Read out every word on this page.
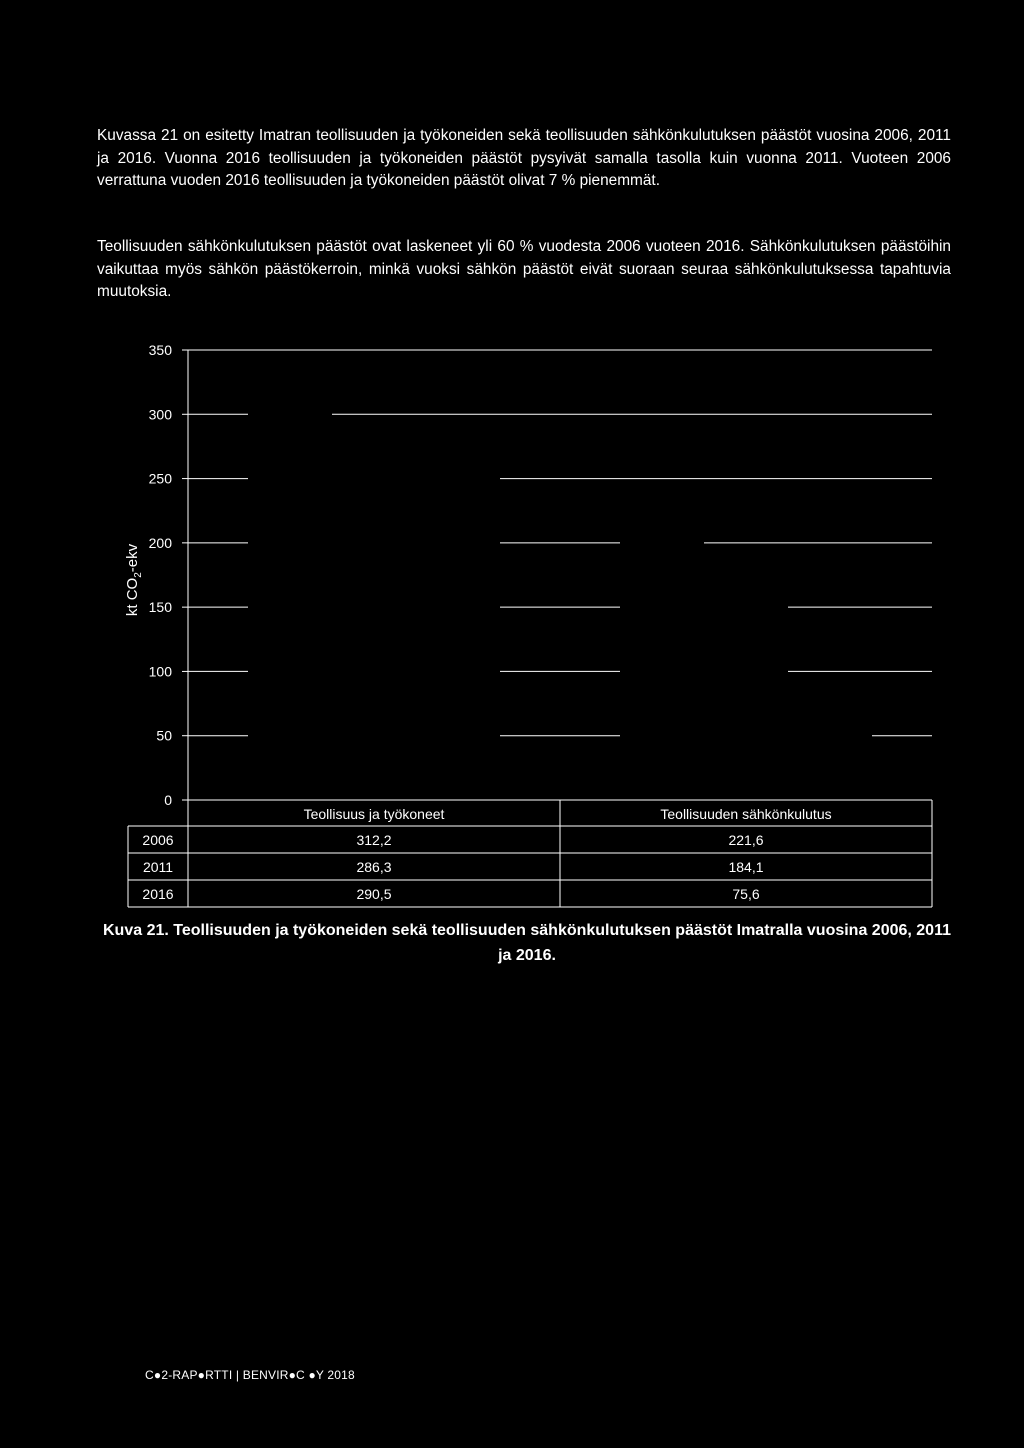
Kuvassa 21 on esitetty Imatran teollisuuden ja työkoneiden sekä teollisuuden sähkönkulutuksen päästöt vuosina 2006, 2011 ja 2016. Vuonna 2016 teollisuuden ja työkoneiden päästöt pysyivät samalla tasolla kuin vuonna 2011. Vuoteen 2006 verrattuna vuoden 2016 teollisuuden ja työkoneiden päästöt olivat 7 % pienemmät.

Teollisuuden sähkönkulutuksen päästöt ovat laskeneet yli 60 % vuodesta 2006 vuoteen 2016. Sähkönkulutuksen päästöihin vaikuttaa myös sähkön päästökerroin, minkä vuoksi sähkön päästöt eivät suoraan seuraa sähkönkulutuksessa tapahtuvia muutoksia.

0
50
100
150
200
250
300
350
Teollisuus ja työkoneet	Teollisuuden sähkönkulutus
2006	312,2	221,6
2011	286,3	184,1
2016	290,5	75,6
kt $CO_2$-ekv
Kuva 21. Teollisuuden ja työkoneiden sekä teollisuuden sähkönkulutuksen päästöt Imatralla vuosina 2006, 2011 ja 2016.
C●2-RAP●RTTI | BENVIR●C ●Y 2018
